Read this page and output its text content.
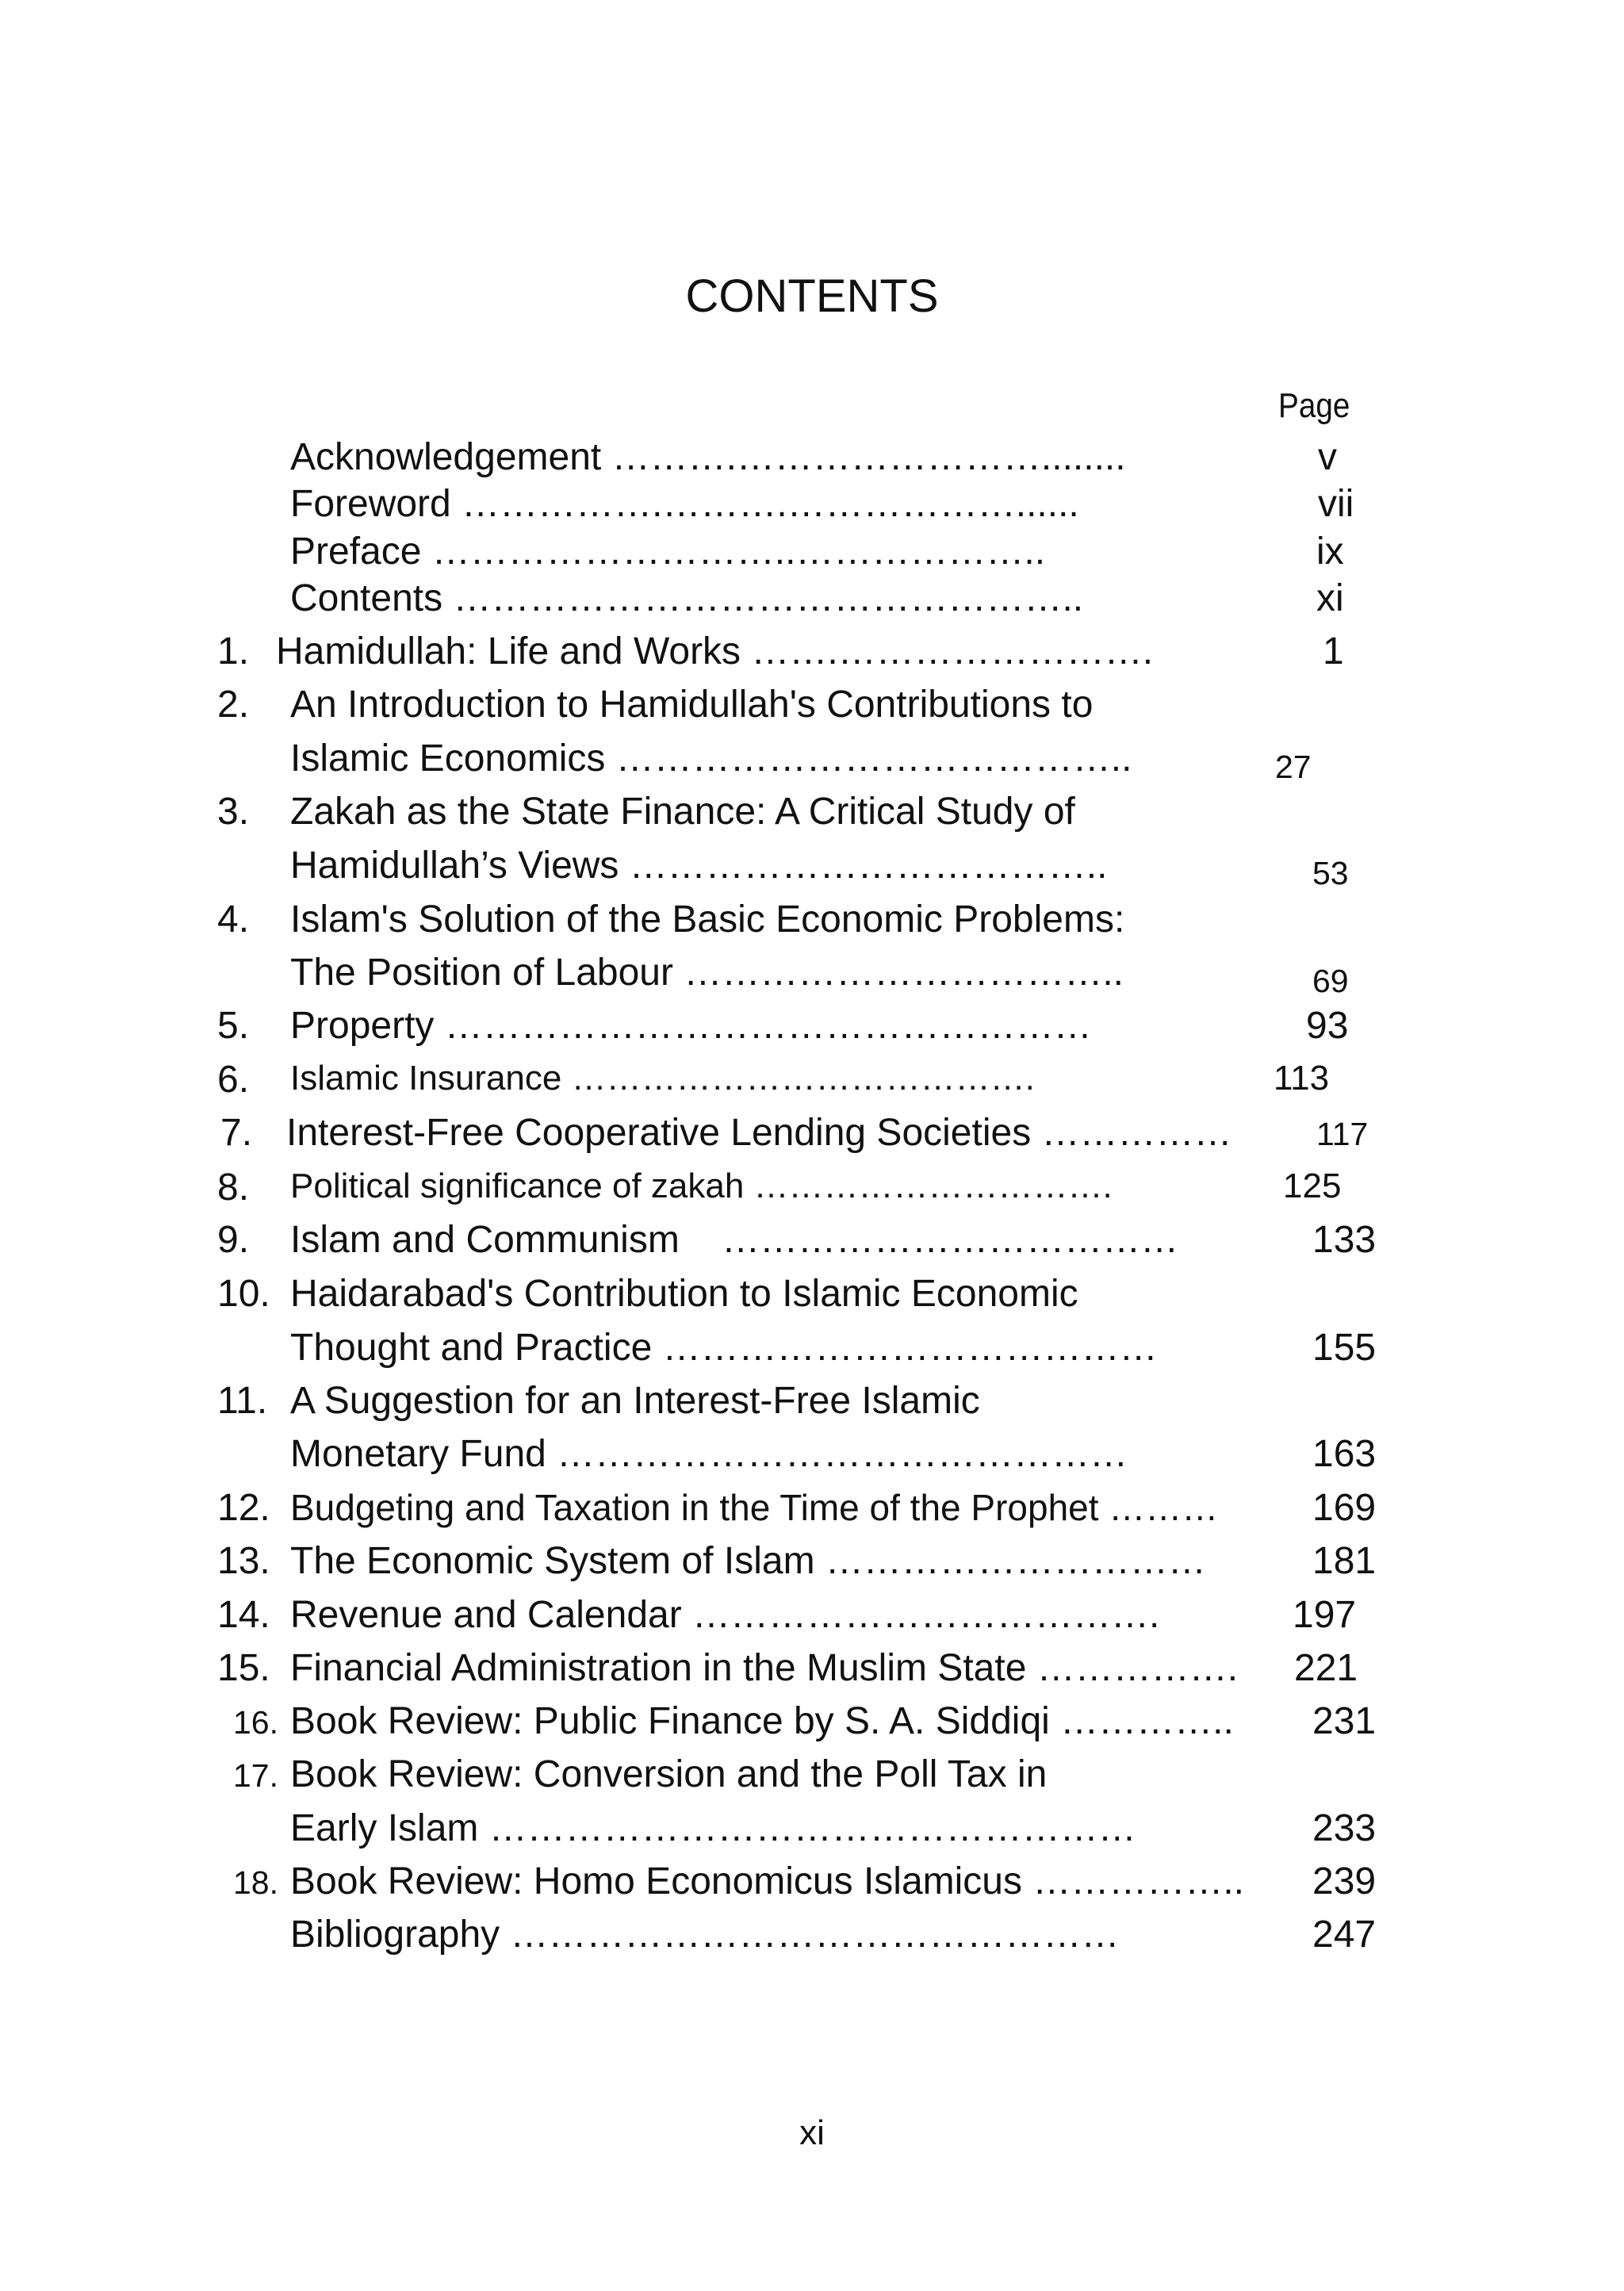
CONTENTS
Page
Acknowledgement ……….……………………........	v
Foreword …………….……….………………......	vii
Preface ………………………..………………..	ix
Contents …………………………………………..	xi
1. Hamidullah: Life and Works …….…………………….	1
2. An Introduction to Hamidullah's Contributions to
Islamic Economics …………………………………..	27
3. Zakah as the State Finance: A Critical Study of
Hamidullah’s Views ………………………………..	53
4. Islam's Solution of the Basic Economic Problems:
The Position of Labour ……………………………..	69
5. Property ……………………………………………	93
6. Islamic Insurance ………………………………….	113
7. Interest-Free Cooperative Lending Societies ……………	117
8. Political significance of zakah ………………………….	125
9. Islam and Communism    ………………………………	133
10. Haidarabad's Contribution to Islamic Economic
Thought and Practice …………………………………	155
11. A Suggestion for an Interest-Free Islamic
Monetary Fund ………………………………………	163
12. Budgeting and Taxation in the Time of the Prophet ……… 169
13. The Economic System of Islam …………………………	181
14. Revenue and Calendar ……………………………….	197
15. Financial Administration in the Muslim State ……………. 221
16. Book Review: Public Finance by S. A. Siddiqi ………….. 231
17. Book Review: Conversion and the Poll Tax in
Early Islam ……………………………………………	233
18. Book Review: Homo Economicus Islamicus …………….. 239
Bibliography …………………………………………	247
xi
